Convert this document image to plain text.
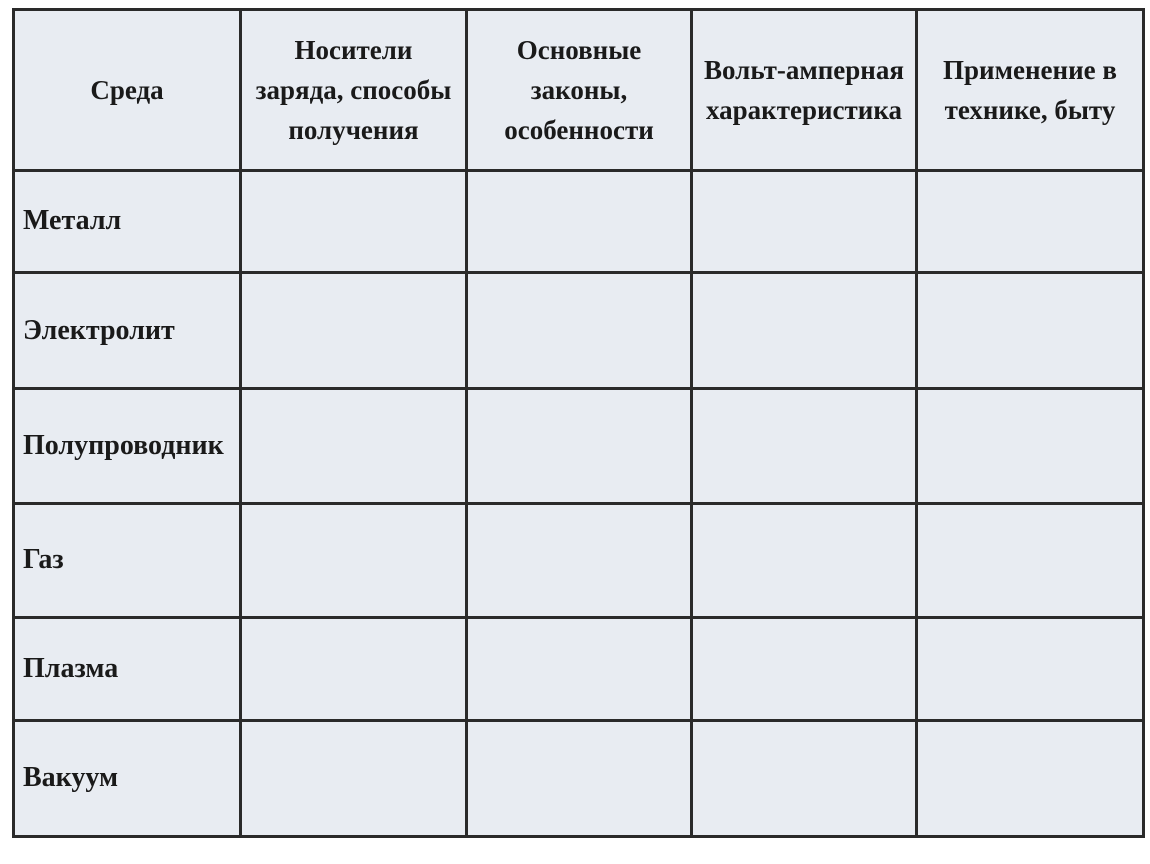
Среда	Носители заряда, способы получения	Основные законы, особенности	Вольт-амперная характеристика	Применение в технике, быту

Металл				
Электролит				
Полупроводник				
Газ				
Плазма				
Вакуум				
